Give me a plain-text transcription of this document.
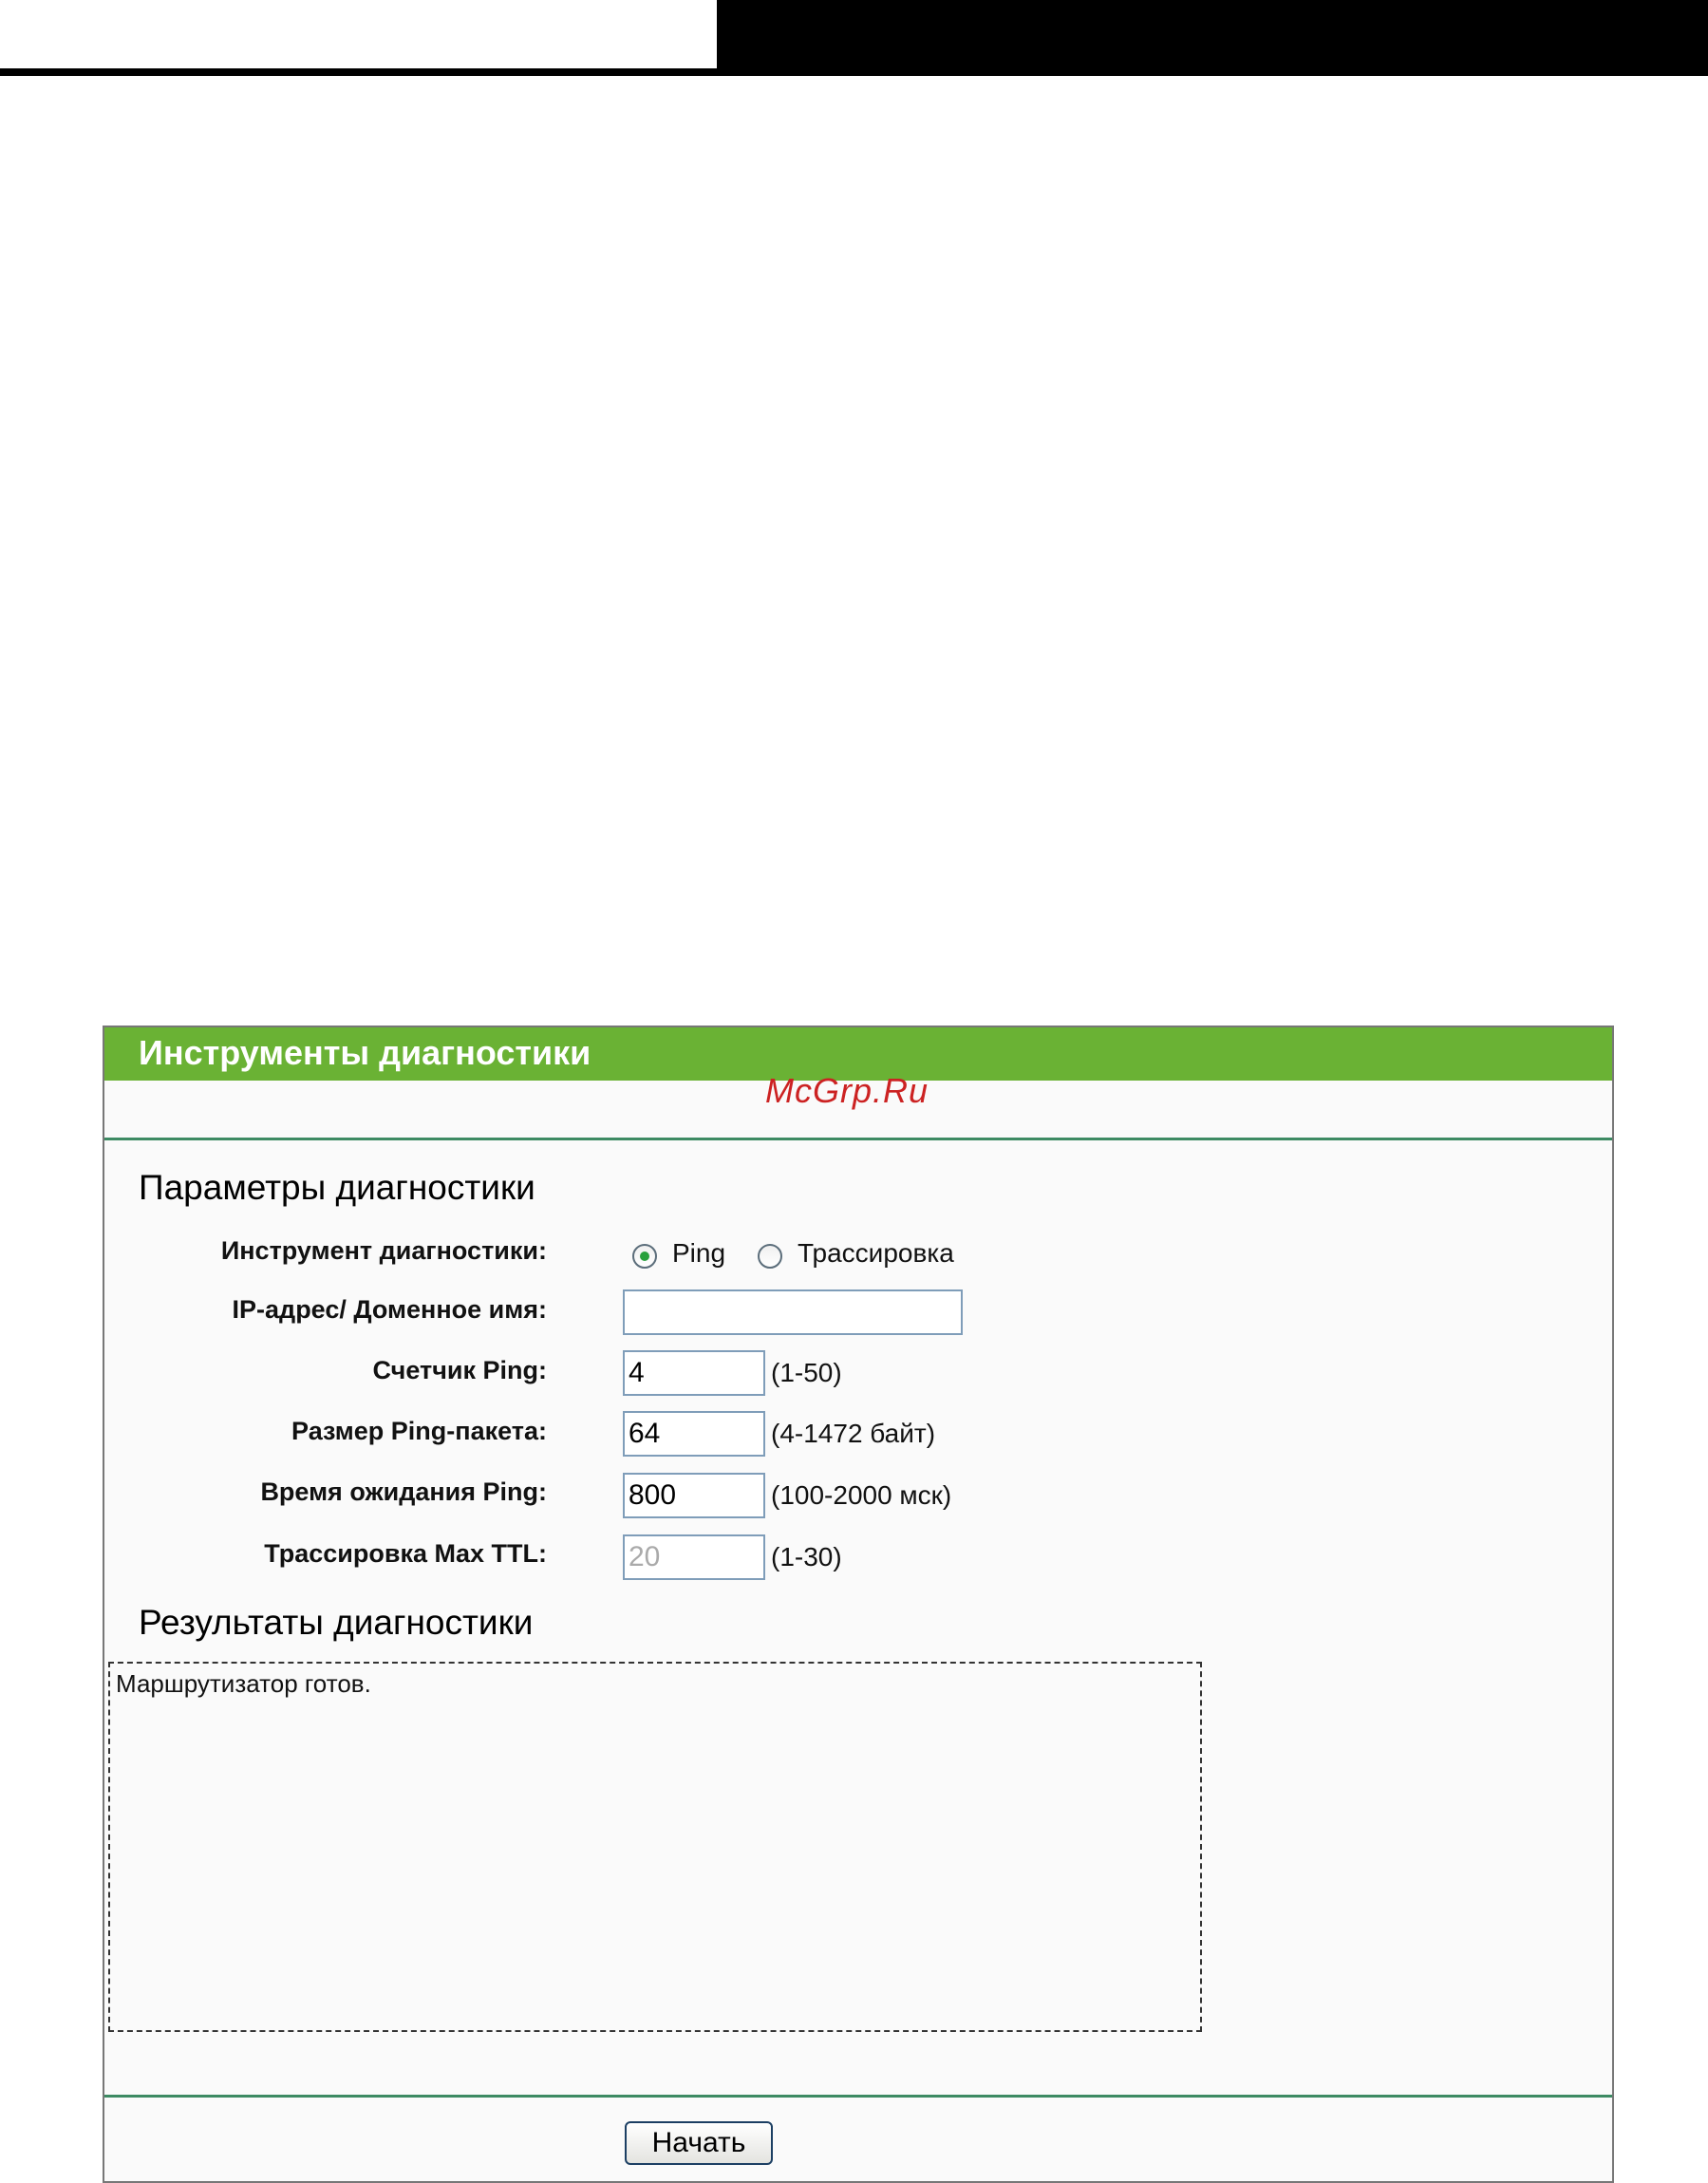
Инструменты диагностики
McGrp.Ru
Параметры диагностики
Инструмент диагностики:	Ping	Трассировка
IP-адрес/ Доменное имя:
Счетчик Ping:
4	(1-50)
Размер Ping-пакета:
64	(4-1472 байт)
Время ожидания Ping:
800	(100-2000 мск)
Трассировка Max TTL:
20	(1-30)
Результаты диагностики
Маршрутизатор готов.
Начать
